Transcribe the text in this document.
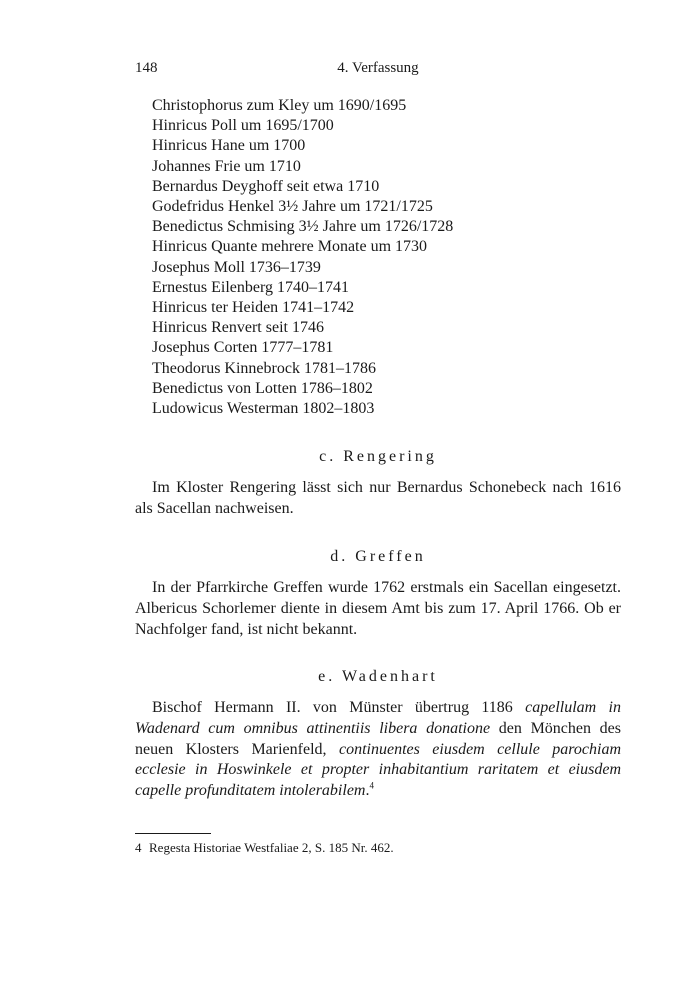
148	4. Verfassung
Christophorus zum Kley um 1690/1695
Hinricus Poll um 1695/1700
Hinricus Hane um 1700
Johannes Frie um 1710
Bernardus Deyghoff seit etwa 1710
Godefridus Henkel 3½ Jahre um 1721/1725
Benedictus Schmising 3½ Jahre um 1726/1728
Hinricus Quante mehrere Monate um 1730
Josephus Moll 1736–1739
Ernestus Eilenberg 1740–1741
Hinricus ter Heiden 1741–1742
Hinricus Renvert seit 1746
Josephus Corten 1777–1781
Theodorus Kinnebrock 1781–1786
Benedictus von Lotten 1786–1802
Ludowicus Westerman 1802–1803
c. Rengering

Im Kloster Rengering lässt sich nur Bernardus Schonebeck nach 1616 als Sacellan nachweisen.

d. Greffen

In der Pfarrkirche Greffen wurde 1762 erstmals ein Sacellan eingesetzt. Albericus Schorlemer diente in diesem Amt bis zum 17. April 1766. Ob er Nachfolger fand, ist nicht bekannt.

e. Wadenhart

Bischof Hermann II. von Münster übertrug 1186 capellulam in Wadenard cum omnibus attinentiis libera donatione den Mönchen des neuen Klosters Marienfeld, continuentes eiusdem cellule parochiam ecclesie in Hoswinkele et propter inhabitantium raritatem et eiusdem capelle profunditatem intolerabilem.$^4$

4 Regesta Historiae Westfaliae 2, S. 185 Nr. 462.
